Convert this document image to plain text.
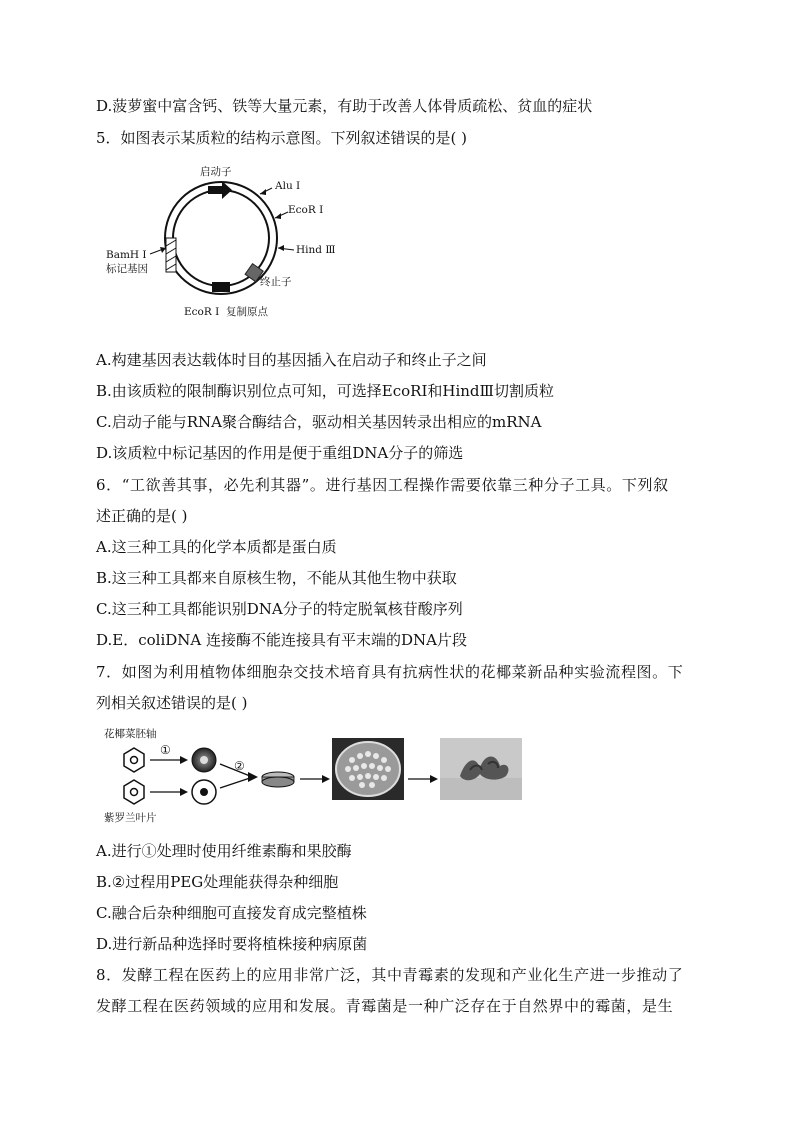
D.菠萝蜜中富含钙、铁等大量元素，有助于改善人体骨质疏松、贫血的症状
5．如图表示某质粒的结构示意图。下列叙述错误的是( )
启动子
Alu Ⅰ
EcoR Ⅰ
Hind Ⅲ
BamH Ⅰ
标记基因
终止子
EcoR Ⅰ 复制原点
A.构建基因表达载体时目的基因插入在启动子和终止子之间
B.由该质粒的限制酶识别位点可知，可选择EcoRI和HindⅢ切割质粒
C.启动子能与RNA聚合酶结合，驱动相关基因转录出相应的mRNA
D.该质粒中标记基因的作用是便于重组DNA分子的筛选
6．“工欲善其事，必先利其器”。进行基因工程操作需要依靠三种分子工具。下列叙
述正确的是( )
A.这三种工具的化学本质都是蛋白质
B.这三种工具都来自原核生物，不能从其他生物中获取
C.这三种工具都能识别DNA分子的特定脱氧核苷酸序列
D.E．coliDNA 连接酶不能连接具有平末端的DNA片段
7．如图为利用植物体细胞杂交技术培育具有抗病性状的花椰菜新品种实验流程图。下
列相关叙述错误的是( )
花椰菜胚轴
紫罗兰叶片
①
②
A.进行①处理时使用纤维素酶和果胶酶
B.②过程用PEG处理能获得杂种细胞
C.融合后杂种细胞可直接发育成完整植株
D.进行新品种选择时要将植株接种病原菌
8．发酵工程在医药上的应用非常广泛，其中青霉素的发现和产业化生产进一步推动了
发酵工程在医药领域的应用和发展。青霉菌是一种广泛存在于自然界中的霉菌，是生
